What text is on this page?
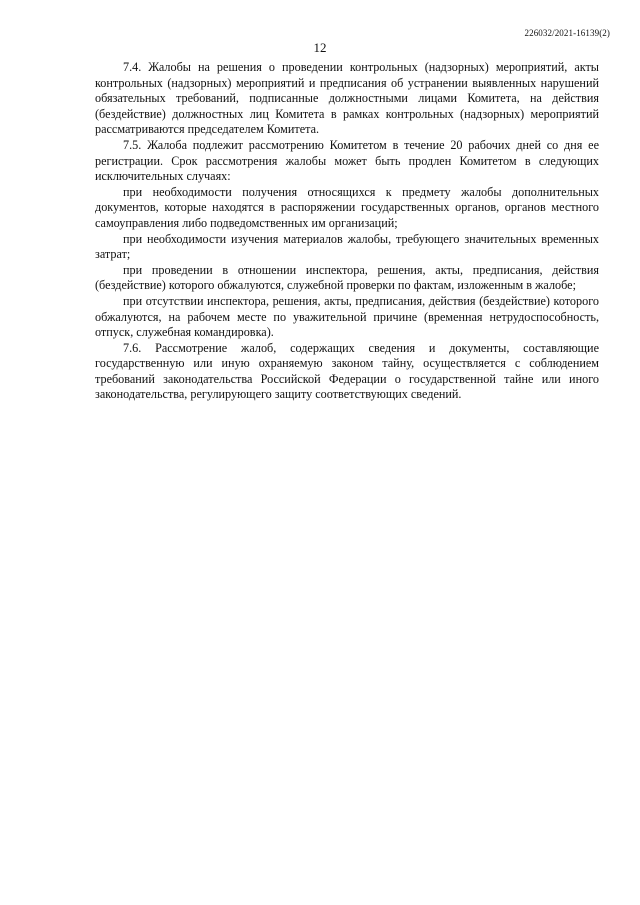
226032/2021-16139(2)
12

7.4. Жалобы на решения о проведении контрольных (надзорных) мероприятий, акты контрольных (надзорных) мероприятий и предписания об устранении выявленных нарушений обязательных требований, подписанные должностными лицами Комитета, на действия (бездействие) должностных лиц Комитета в рамках контрольных (надзорных) мероприятий рассматриваются председателем Комитета.

7.5. Жалоба подлежит рассмотрению Комитетом в течение 20 рабочих дней со дня ее регистрации. Срок рассмотрения жалобы может быть продлен Комитетом в следующих исключительных случаях:

при необходимости получения относящихся к предмету жалобы дополнительных документов, которые находятся в распоряжении государственных органов, органов местного самоуправления либо подведомственных им организаций;

при необходимости изучения материалов жалобы, требующего значительных временных затрат;

при проведении в отношении инспектора, решения, акты, предписания, действия (бездействие) которого обжалуются, служебной проверки по фактам, изложенным в жалобе;

при отсутствии инспектора, решения, акты, предписания, действия (бездействие) которого обжалуются, на рабочем месте по уважительной причине (временная нетрудоспособность, отпуск, служебная командировка).

7.6. Рассмотрение жалоб, содержащих сведения и документы, составляющие государственную или иную охраняемую законом тайну, осуществляется с соблюдением требований законодательства Российской Федерации о государственной тайне или иного законодательства, регулирующего защиту соответствующих сведений.
